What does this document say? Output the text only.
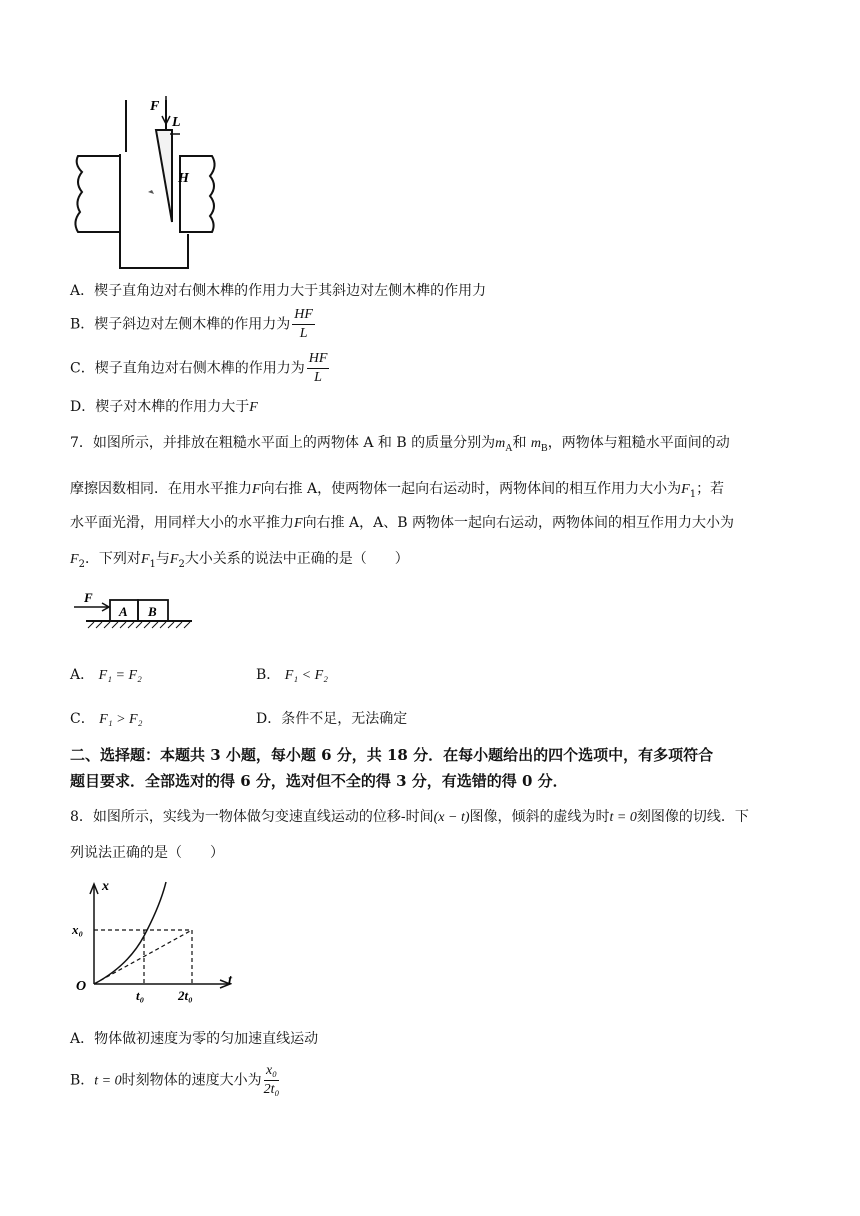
F
L
H
A．楔子直角边对右侧木榫的作用力大于其斜边对左侧木榫的作用力
B．楔子斜边对左侧木榫的作用力为 $\frac{HF}{L}$
C．楔子直角边对右侧木榫的作用力为 $\frac{HF}{L}$
D．楔子对木榫的作用力大于F
7．如图所示，并排放在粗糙水平面上的两物体 A 和 B 的质量分别为$m_A$和 $m_B$，两物体与粗糙水平面间的动
摩擦因数相同．在用水平推力F向右推 A，使两物体一起向右运动时，两物体间的相互作用力大小为$F_1$；若
水平面光滑，用同样大小的水平推力F向右推 A，A、B 两物体一起向右运动，两物体间的相互作用力大小为
$F_2$．下列对$F_1$与$F_2$大小关系的说法中正确的是（　　）
F
A B
A． F₁ = F₂	B． F₁ < F₂
C． F₁ > F₂	D．条件不足，无法确定
二、选择题：本题共 3 小题，每小题 6 分，共 18 分．在每小题给出的四个选项中，有多项符合
题目要求．全部选对的得 6 分，选对但不全的得 3 分，有选错的得 0 分．
8．如图所示，实线为一物体做匀变速直线运动的位移-时间(x − t)图像，倾斜的虚线为时t = 0刻图像的切线．下
列说法正确的是（　　）
t
x
O
x₀
t₀	2t₀
A．物体做初速度为零的匀加速直线运动
B．t = 0时刻物体的速度大小为 $\frac{\text{x₀}}{\text{2t₀}}$
